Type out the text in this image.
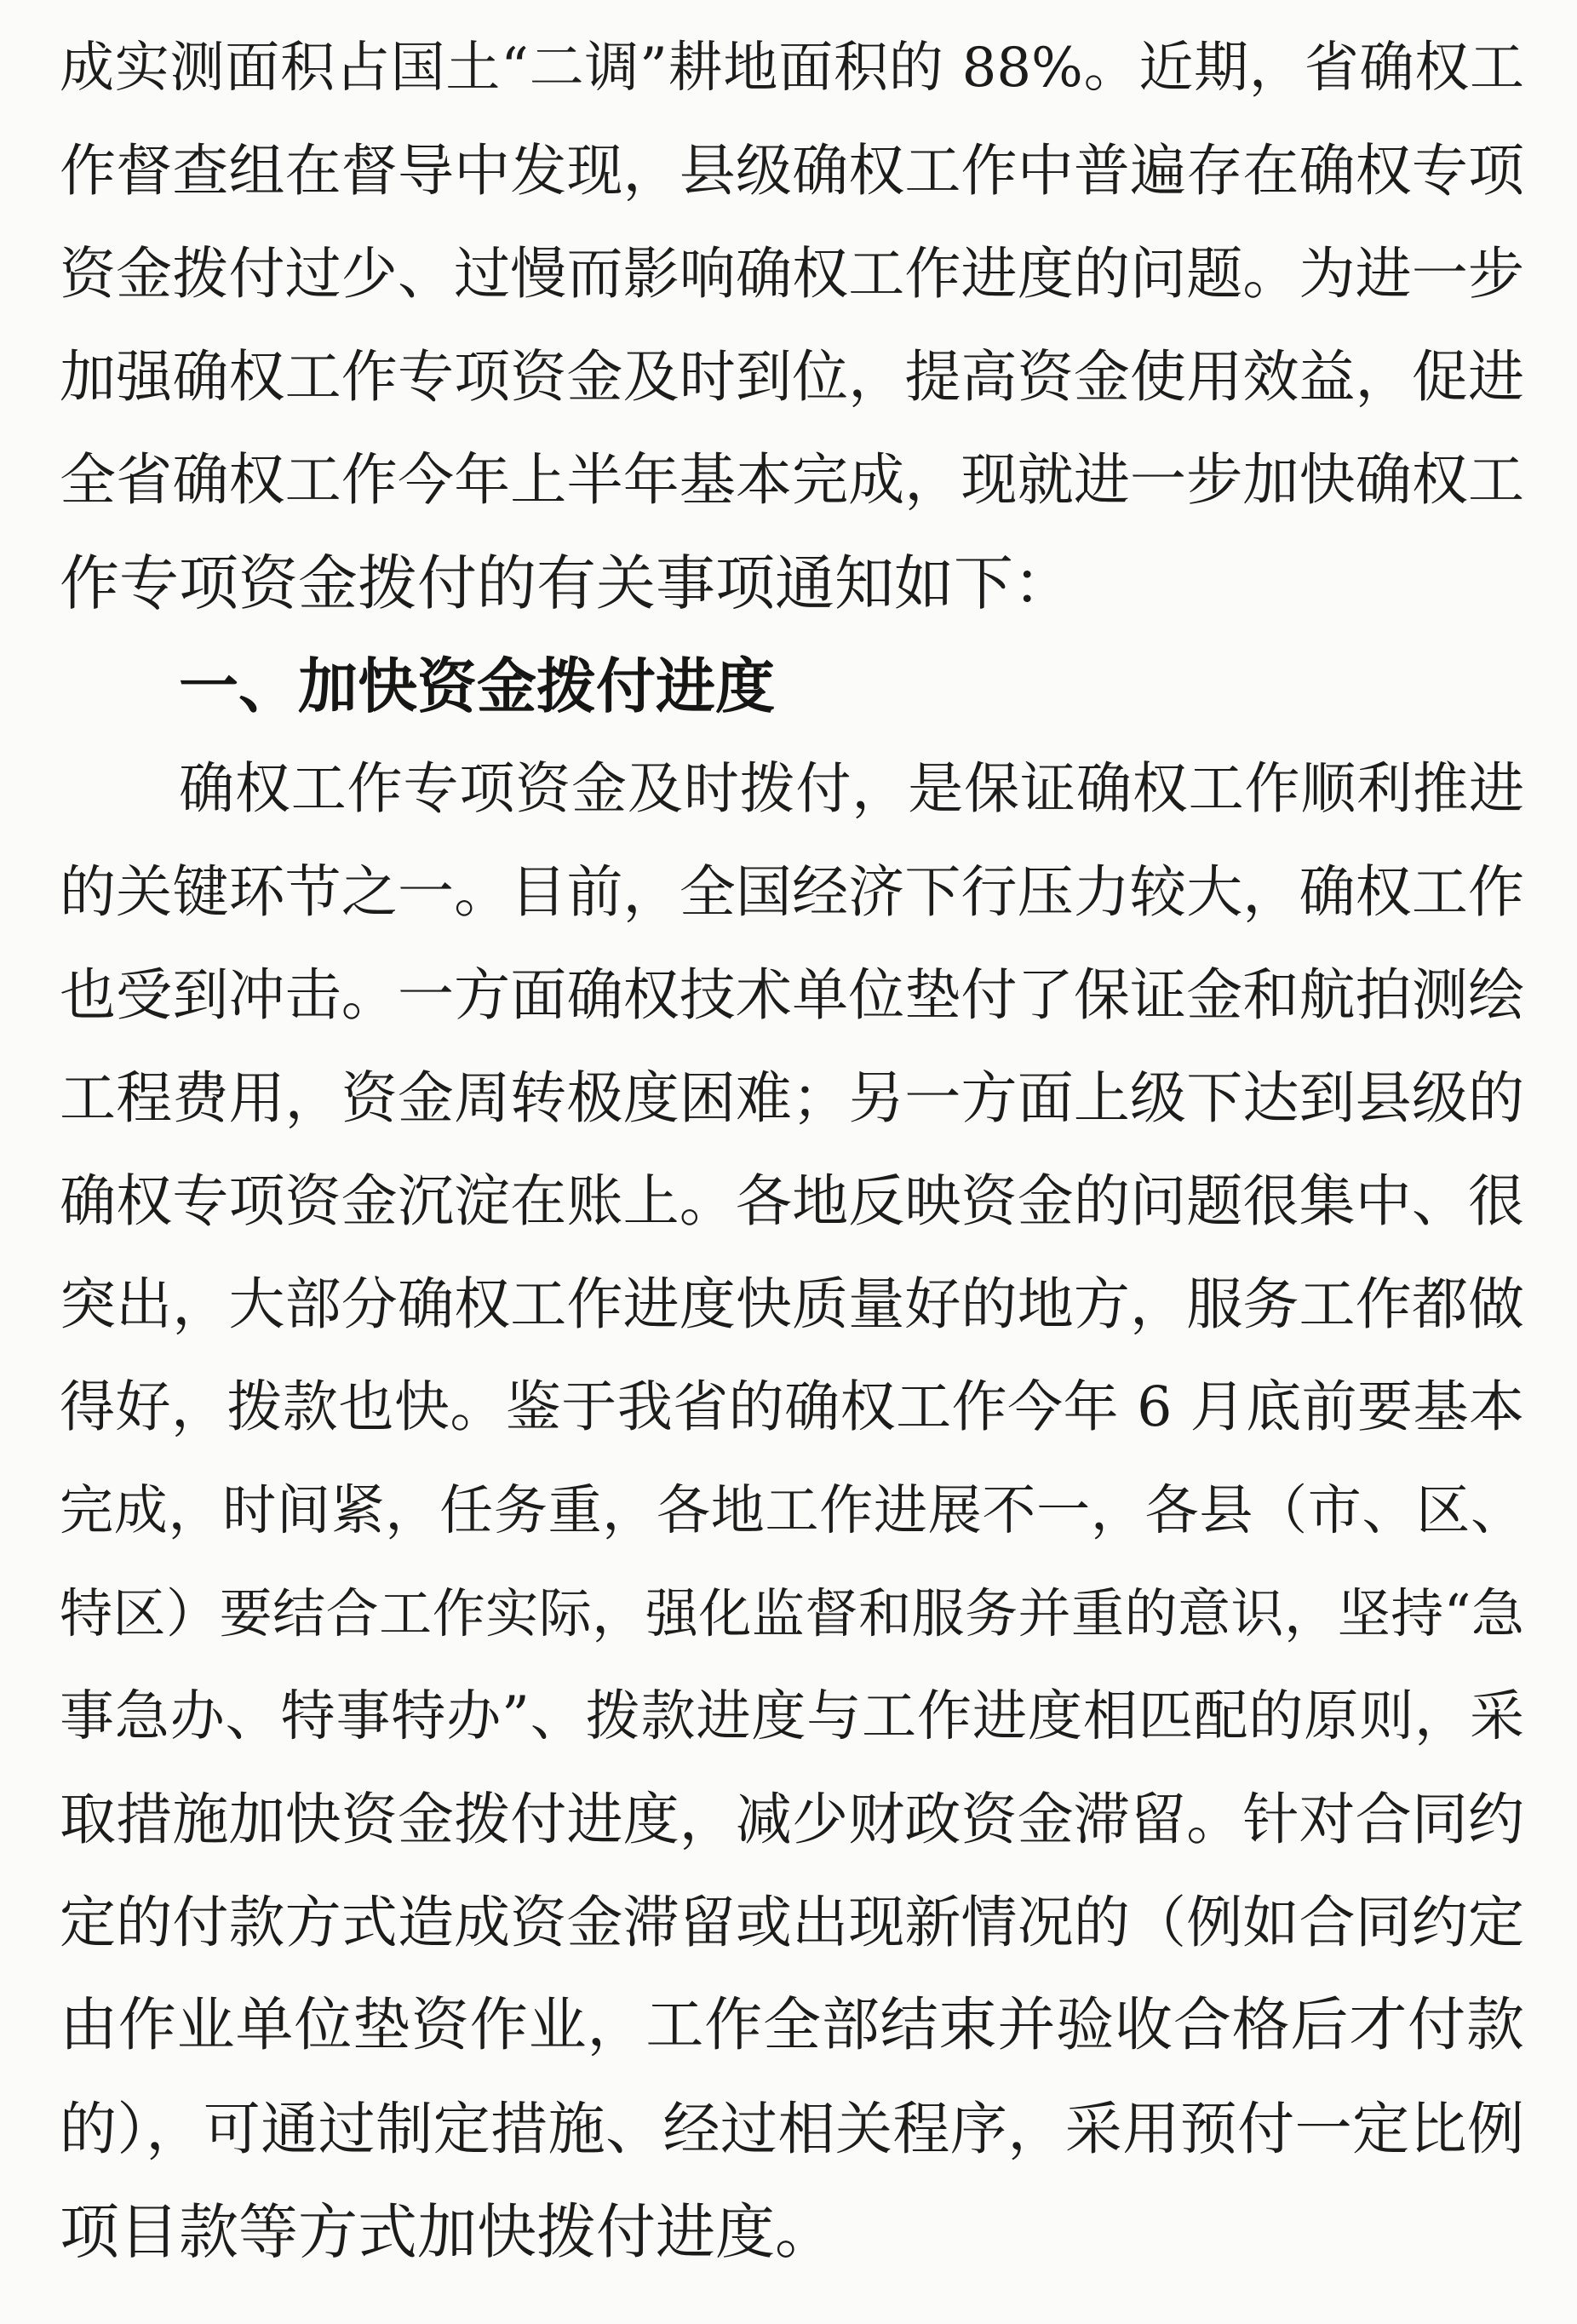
成实测面积占国土“二调”耕地面积的 88%。近期，省确权工
作督查组在督导中发现，县级确权工作中普遍存在确权专项
资金拨付过少、过慢而影响确权工作进度的问题。为进一步
加强确权工作专项资金及时到位，提高资金使用效益，促进
全省确权工作今年上半年基本完成，现就进一步加快确权工
作专项资金拨付的有关事项通知如下：
一、加快资金拨付进度
确权工作专项资金及时拨付，是保证确权工作顺利推进
的关键环节之一。目前，全国经济下行压力较大，确权工作
也受到冲击。一方面确权技术单位垫付了保证金和航拍测绘
工程费用，资金周转极度困难；另一方面上级下达到县级的
确权专项资金沉淀在账上。各地反映资金的问题很集中、很
突出，大部分确权工作进度快质量好的地方，服务工作都做
得好，拨款也快。鉴于我省的确权工作今年 6 月底前要基本
完成，时间紧，任务重，各地工作进展不一，各县（市、区、
特区）要结合工作实际，强化监督和服务并重的意识，坚持“急
事急办、特事特办”、拨款进度与工作进度相匹配的原则，采
取措施加快资金拨付进度，减少财政资金滞留。针对合同约
定的付款方式造成资金滞留或出现新情况的（例如合同约定
由作业单位垫资作业，工作全部结束并验收合格后才付款
的），可通过制定措施、经过相关程序，采用预付一定比例
项目款等方式加快拨付进度。
